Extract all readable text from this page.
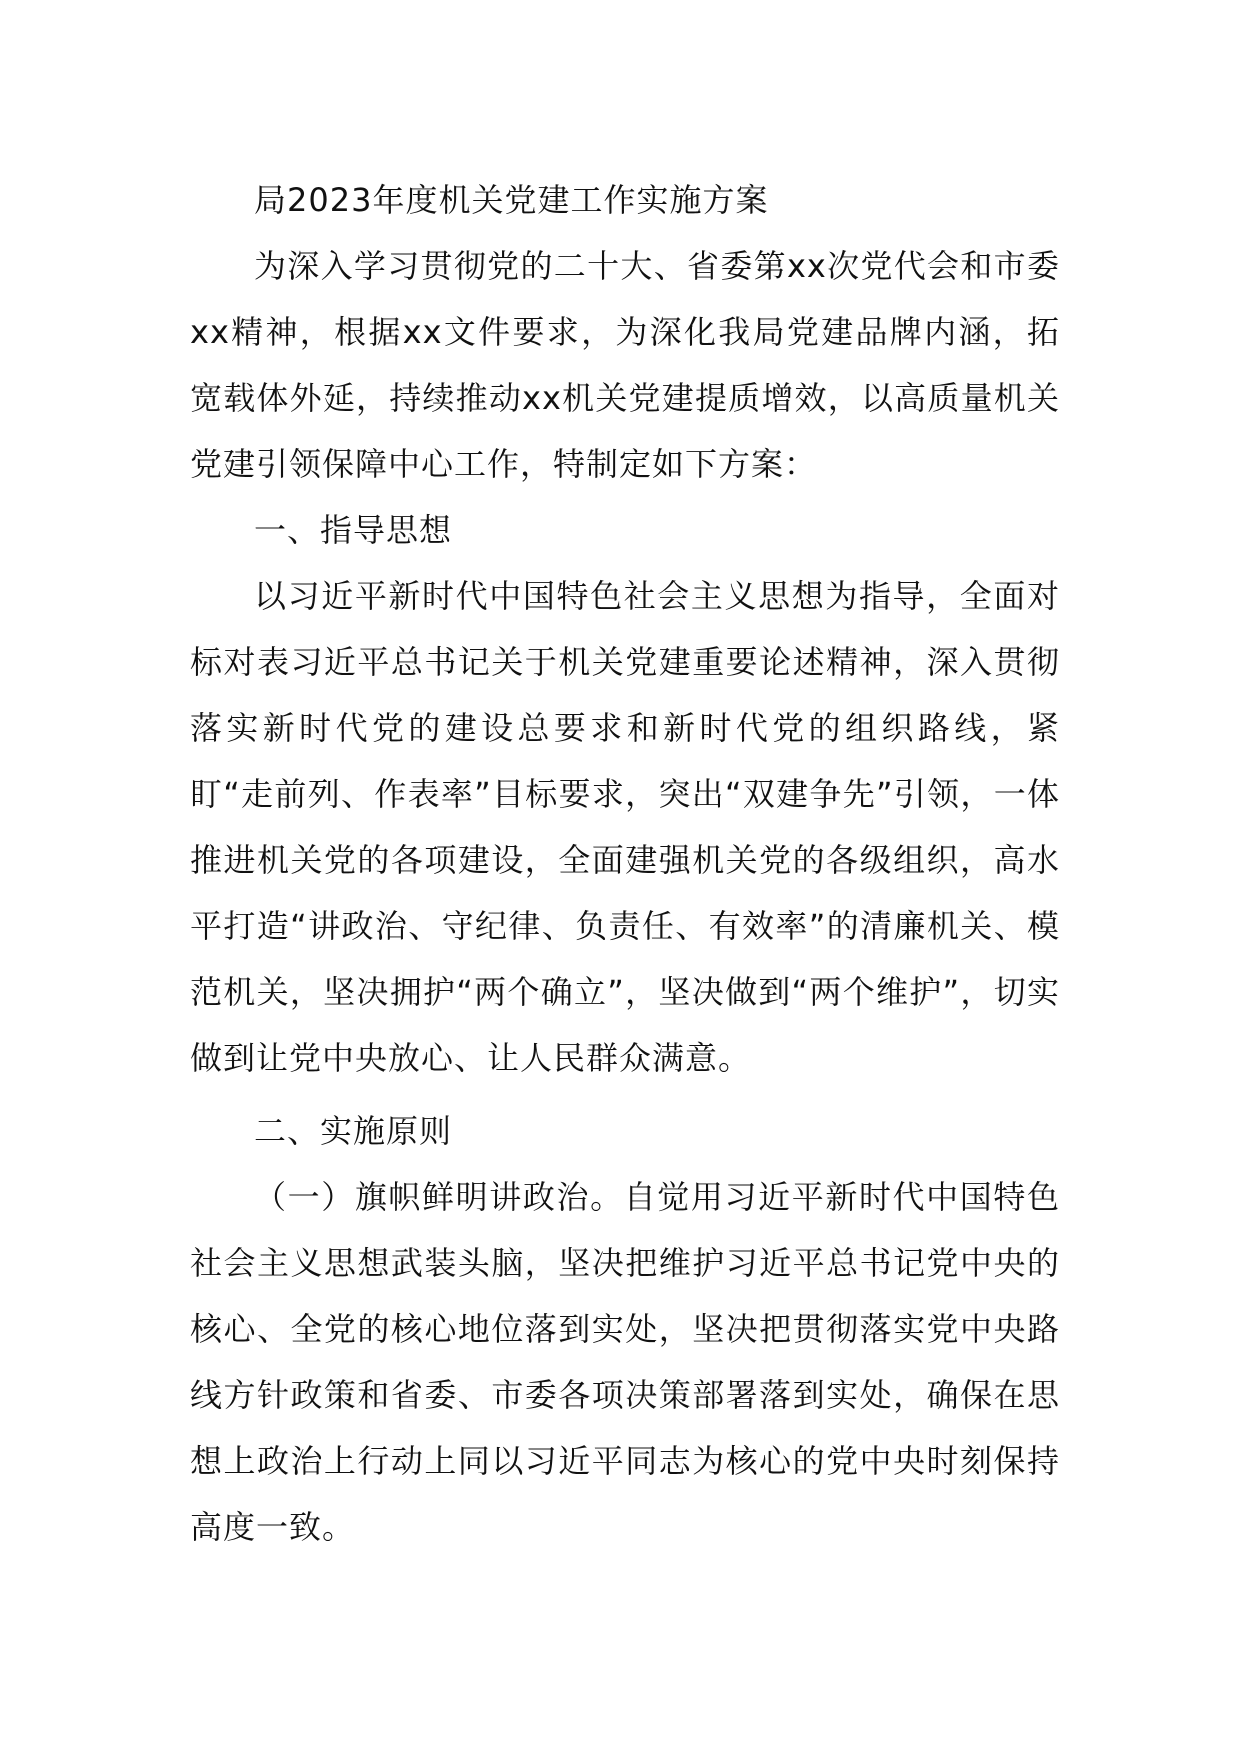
局2023年度机关党建工作实施方案

为深入学习贯彻党的二十大、省委第xx次党代会和市委xx精神，根据xx文件要求，为深化我局党建品牌内涵，拓宽载体外延，持续推动xx机关党建提质增效，以高质量机关党建引领保障中心工作，特制定如下方案：

一、指导思想

以习近平新时代中国特色社会主义思想为指导，全面对标对表习近平总书记关于机关党建重要论述精神，深入贯彻落实新时代党的建设总要求和新时代党的组织路线，紧盯“走前列、作表率”目标要求，突出“双建争先”引领，一体推进机关党的各项建设，全面建强机关党的各级组织，高水平打造“讲政治、守纪律、负责任、有效率”的清廉机关、模范机关，坚决拥护“两个确立”，坚决做到“两个维护”，切实做到让党中央放心、让人民群众满意。

二、实施原则

（一）旗帜鲜明讲政治。自觉用习近平新时代中国特色社会主义思想武装头脑，坚决把维护习近平总书记党中央的核心、全党的核心地位落到实处，坚决把贯彻落实党中央路线方针政策和省委、市委各项决策部署落到实处，确保在思想上政治上行动上同以习近平同志为核心的党中央时刻保持高度一致。
